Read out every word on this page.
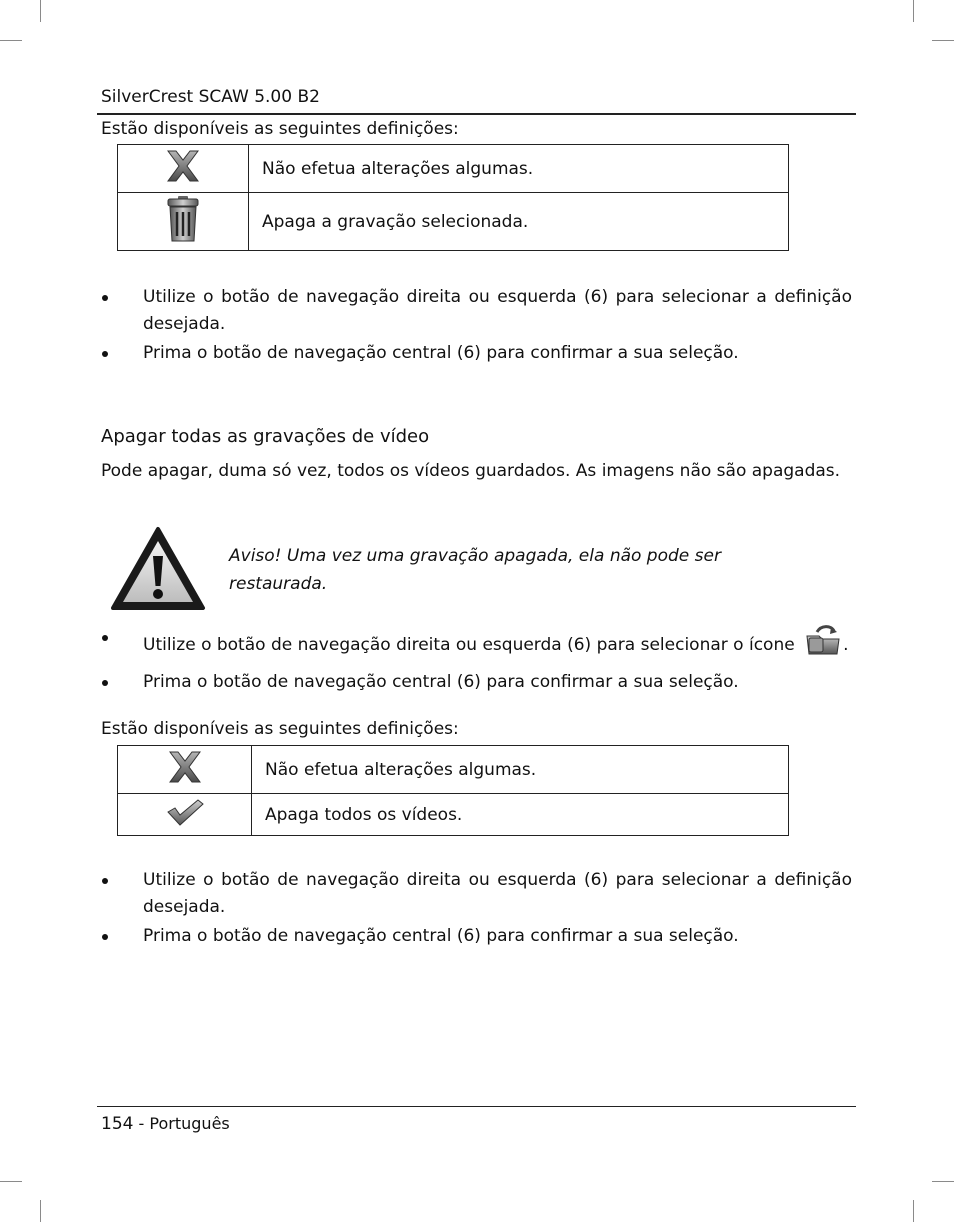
SilverCrest SCAW 5.00 B2
Estão disponíveis as seguintes definições:
	Não efetua alterações algumas.
	Apaga a gravação selecionada.
Utilize o botão de navegação direita ou esquerda (6) para selecionar a definição desejada.
Prima o botão de navegação central (6) para confirmar a sua seleção.
Apagar todas as gravações de vídeo
Pode apagar, duma só vez, todos os vídeos guardados. As imagens não são apagadas.
Aviso! Uma vez uma gravação apagada, ela não pode ser restaurada.
Utilize o botão de navegação direita ou esquerda (6) para selecionar o ícone	.
Prima o botão de navegação central (6) para confirmar a sua seleção.
Estão disponíveis as seguintes definições:
	Não efetua alterações algumas.
	Apaga todos os vídeos.
Utilize o botão de navegação direita ou esquerda (6) para selecionar a definição desejada.
Prima o botão de navegação central (6) para confirmar a sua seleção.
154 - Português
